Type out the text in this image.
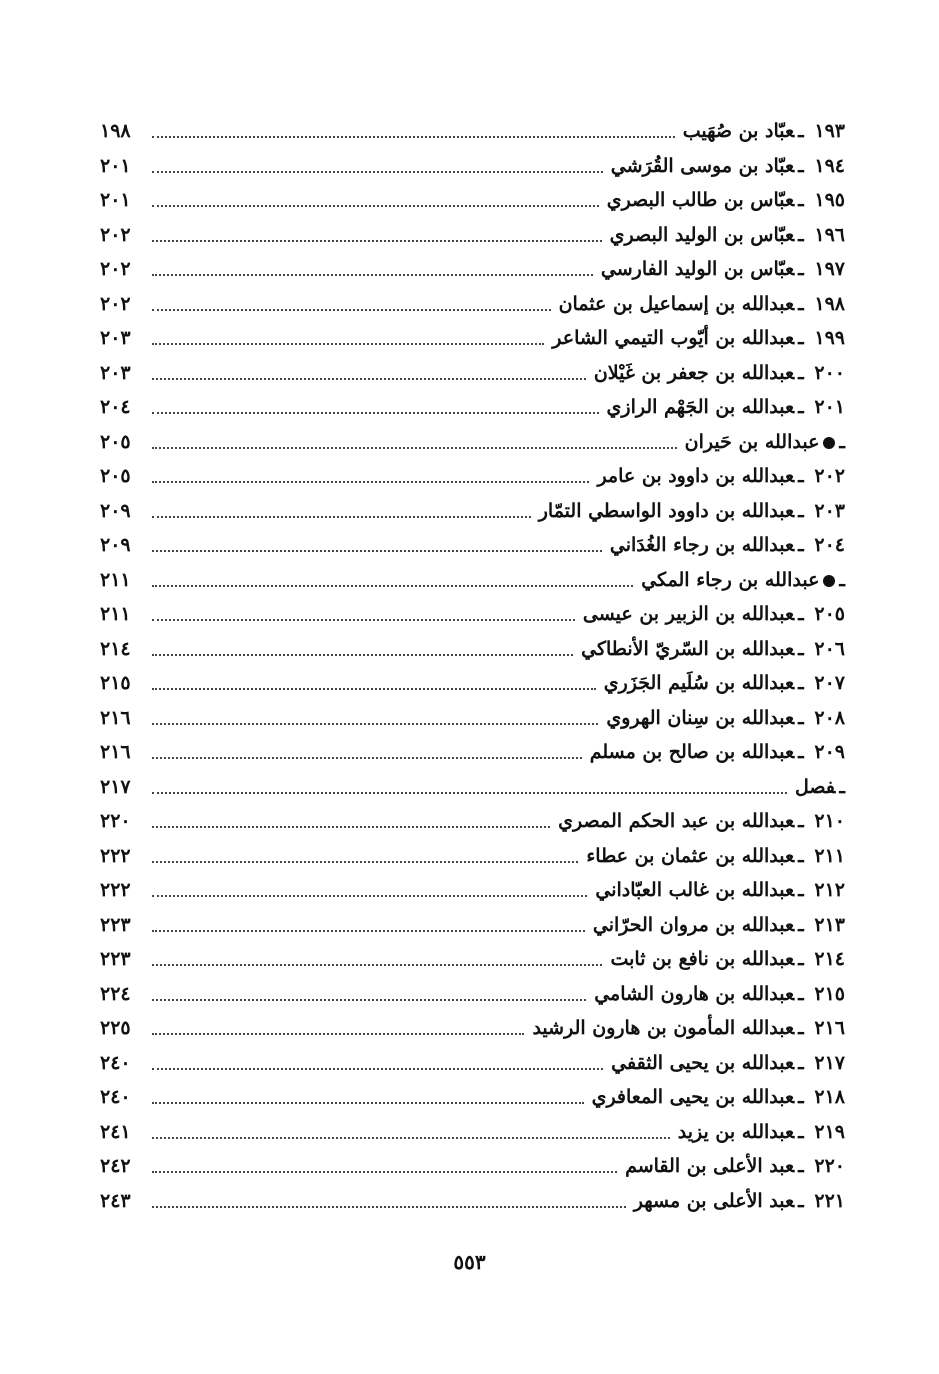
١٩٣ ـعبّاد بن صُهَيب
١٩٨
١٩٤ ـعبّاد بن موسى القُرَشي
٢٠١
١٩٥ ـعبّاس بن طالب البصري
٢٠١
١٩٦ ـعبّاس بن الوليد البصري
٢٠٢
١٩٧ ـعبّاس بن الوليد الفارسي
٢٠٢
١٩٨ ـعبدالله بن إسماعيل بن عثمان
٢٠٢
١٩٩ ـعبدالله بن أيّوب التيمي الشاعر
٢٠٣
٢٠٠ ـعبدالله بن جعفر بن غَيْلان
٢٠٣
٢٠١ ـعبدالله بن الجَهْم الرازي
٢٠٤
ـعبدالله بن حَيران
٢٠٥
٢٠٢ ـعبدالله بن داوود بن عامر
٢٠٥
٢٠٣ ـعبدالله بن داوود الواسطي التمّار
٢٠٩
٢٠٤ ـعبدالله بن رجاء الغُدَاني
٢٠٩
ـعبدالله بن رجاء المكي
٢١١
٢٠٥ ـعبدالله بن الزبير بن عيسى
٢١١
٢٠٦ ـعبدالله بن السّريّ الأنطاكي
٢١٤
٢٠٧ ـعبدالله بن سُلَيم الجَزَري
٢١٥
٢٠٨ ـعبدالله بن سِنان الهروي
٢١٦
٢٠٩ ـعبدالله بن صالح بن مسلم
٢١٦
ـفصل
٢١٧
٢١٠ ـعبدالله بن عبد الحكم المصري
٢٢٠
٢١١ ـعبدالله بن عثمان بن عطاء
٢٢٢
٢١٢ ـعبدالله بن غالب العبّاداني
٢٢٢
٢١٣ ـعبدالله بن مروان الحرّاني
٢٢٣
٢١٤ ـعبدالله بن نافع بن ثابت
٢٢٣
٢١٥ ـعبدالله بن هارون الشامي
٢٢٤
٢١٦ ـعبدالله المأمون بن هارون الرشيد
٢٢٥
٢١٧ ـعبدالله بن يحيى الثقفي
٢٤٠
٢١٨ ـعبدالله بن يحيى المعافري
٢٤٠
٢١٩ ـعبدالله بن يزيد
٢٤١
٢٢٠ ـعبد الأعلى بن القاسم
٢٤٢
٢٢١ ـعبد الأعلى بن مسهر
٢٤٣
٥٥٣
